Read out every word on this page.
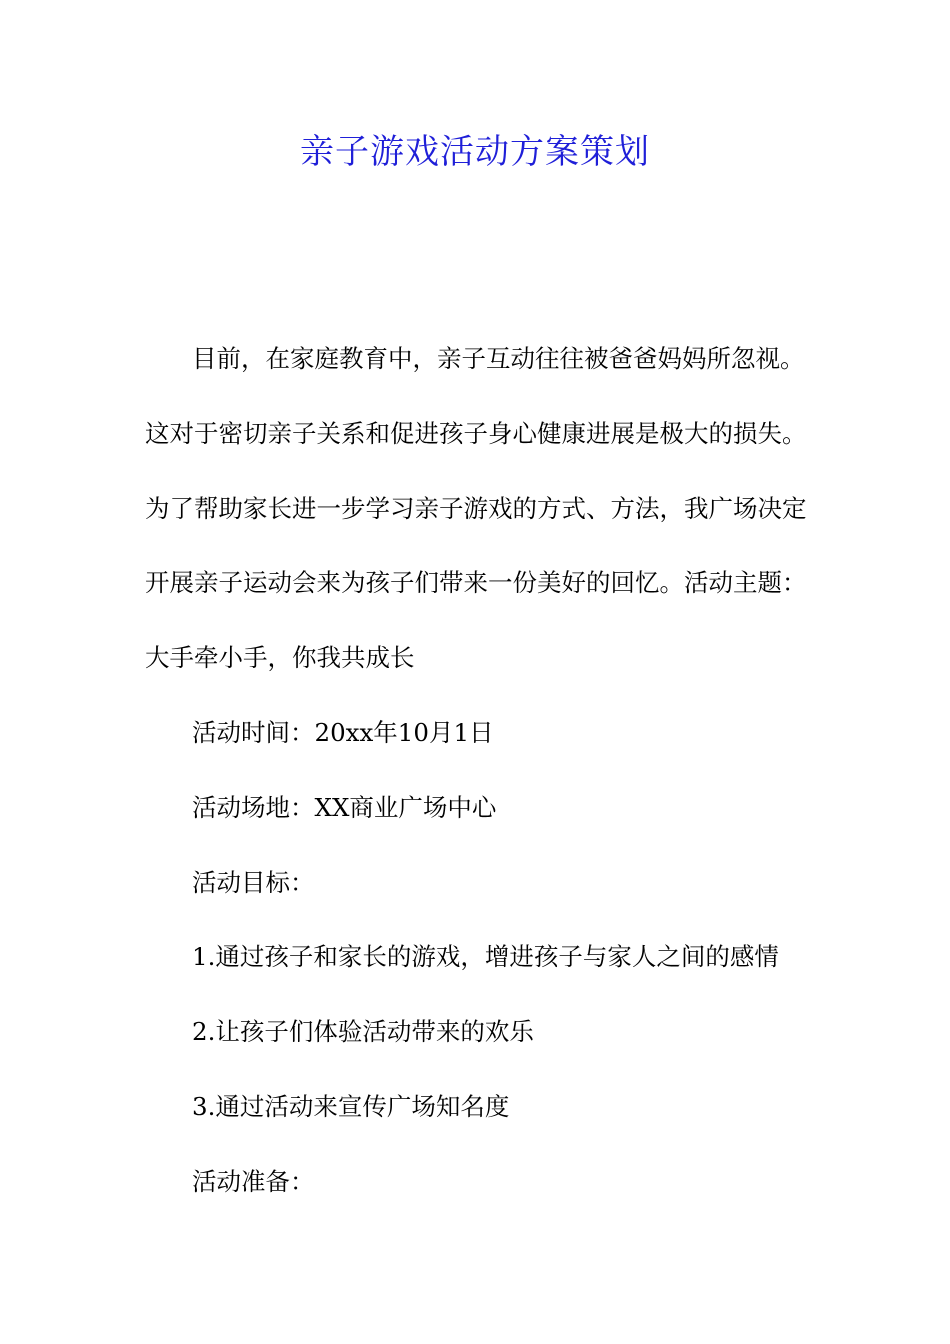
亲子游戏活动方案策划
目前，在家庭教育中，亲子互动往往被爸爸妈妈所忽视。
这对于密切亲子关系和促进孩子身心健康进展是极大的损失。
为了帮助家长进一步学习亲子游戏的方式、方法，我广场决定
开展亲子运动会来为孩子们带来一份美好的回忆。活动主题：
大手牵小手，你我共成长
活动时间：20xx年10月1日
活动场地：XX商业广场中心
活动目标：
1.通过孩子和家长的游戏，增进孩子与家人之间的感情
2.让孩子们体验活动带来的欢乐
3.通过活动来宣传广场知名度
活动准备：
